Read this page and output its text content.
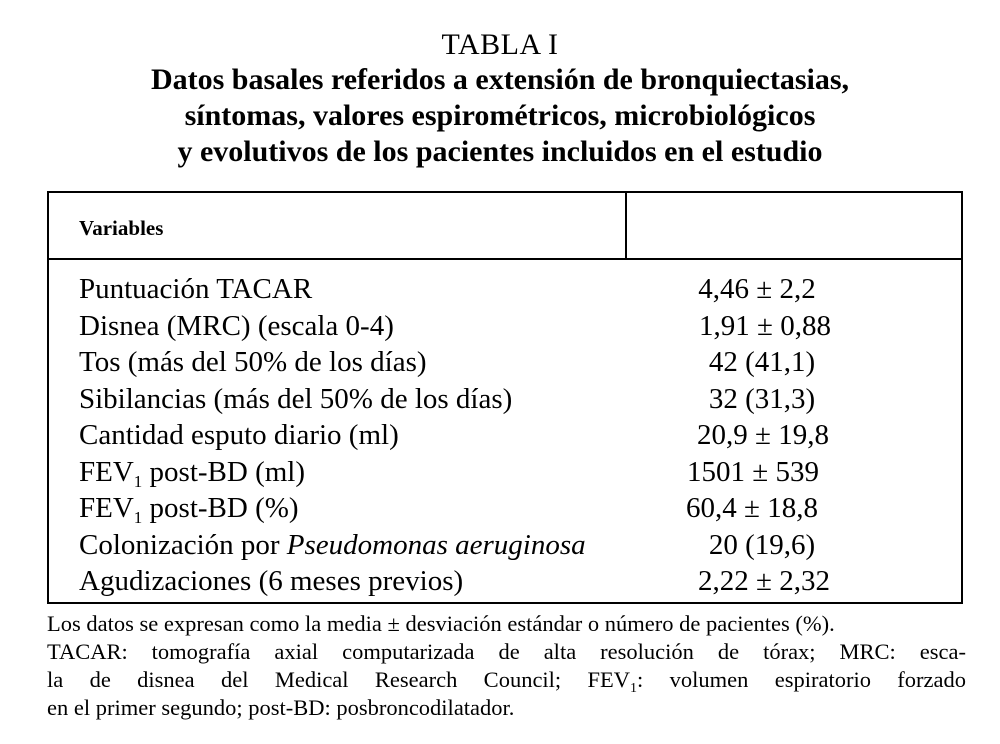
TABLA I
Datos basales referidos a extensión de bronquiectasias,
síntomas, valores espirométricos, microbiológicos
y evolutivos de los pacientes incluidos en el estudio
Variables
Puntuación TACAR	4,46 ± 2,2
Disnea (MRC) (escala 0-4)	1,91 ± 0,88
Tos (más del 50% de los días)	42 (41,1)
Sibilancias (más del 50% de los días)	32 (31,3)
Cantidad esputo diario (ml)	20,9 ± 19,8
$FEV_1$ post-BD (ml)	1501 ± 539
$FEV_1$ post-BD (%)	60,4 ± 18,8
Colonización por Pseudomonas aeruginosa	20 (19,6)
Agudizaciones (6 meses previos)	2,22 ± 2,32
Los datos se expresan como la media ± desviación estándar o número de pacientes (%).
TACAR: tomografía axial computarizada de alta resolución de tórax; MRC: esca-
la de disnea del Medical Research Council; $FEV_1$: volumen espiratorio forzado
en el primer segundo; post-BD: posbroncodilatador.
